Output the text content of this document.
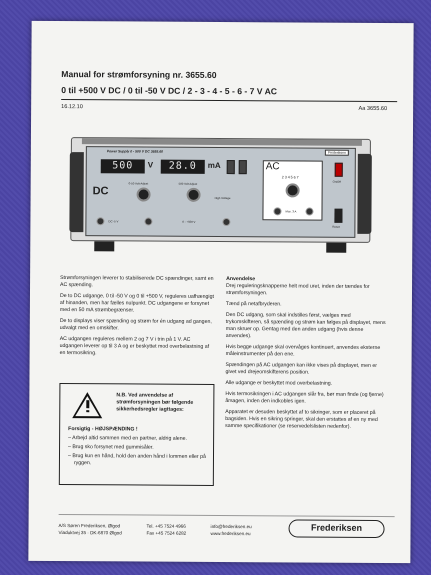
Manual for strømforsyning nr. 3655.60
0 til +500 V DC / 0 til -50 V DC / 2 - 3 - 4 - 5 - 6 - 7 V AC
16.12.10	Aa 3655.60
Power Supply 0 - 500 V DC 3655.60	Frederiksen
500	V	28.0	mA
DC
0-50 Volt Adjust	500 Volt Adjust
High Voltage
DC -5 V	0 - +500 V
AC
2 3 4 5 6 7
Max. 3 A
On/Off
Reset

Strømforsyningen leverer to stabiliserede DC spændinger, samt en AC spænding.

De to DC udgange, 0 til -50 V og 0 til +500 V, reguleres uafhængigt af hinanden, men har fælles nulpunkt. DC udgangene er forsynet med en 50 mA strømbegrænser.

De to displays viser spænding og strøm for én udgang ad gangen, udvalgt med en omskifter.

AC udgangen reguleres mellem 2 og 7 V i trin på 1 V. AC udgangen leverer op til 3 A og er beskyttet mod overbelastning af en termosikring.

N.B. Ved anvendelse af strømforsyningen bør følgende sikkerhedsregler iagttages:
Forsigtig - HØJSPÆNDING !
– Arbejd altid sammen med en partner, aldrig alene.
– Brug sko forsynet med gummisåler.
– Brug kun en hånd, hold den anden hånd i lommen eller på ryggen.
Anvendelse

Drej reguleringsknapperne helt mod uret, inden der tændes for strømforsyningen.

Tænd på netafbryderen.

Den DC udgang, som skal indstilles først, vælges med trykomskifteren, så spænding og strøm kan følges på displayet, mens man skruer op. Gentag med den anden udgang (hvis denne anvendes).

Hvis begge udgange skal overvåges kontinuert, anvendes eksterne måleinstrumenter på den ene.

Spændingen på AC udgangen kan ikke vises på displayet, men er givet ved drejeomskifterens position.

Alle udgange er beskyttet mod overbelastning.

Hvis termosikringen i AC udgangen slår fra, bør man finde (og fjerne) årsagen, inden den indkobles igen.

Apparatet er desuden beskyttet af to sikringer, som er placeret på bagsiden. Hvis en sikring springer, skal den erstattes af en ny med samme specifikationer (se reservedelslisten nedenfor).

A/S Søren Frederiksen, Ølgod
Viaduktvej 35 · DK-6870 Ølgod
Tel. +45 7524 4966
Fax +45 7524 6282
info@frederiksen.eu
www.frederiksen.eu
Frederiksen
